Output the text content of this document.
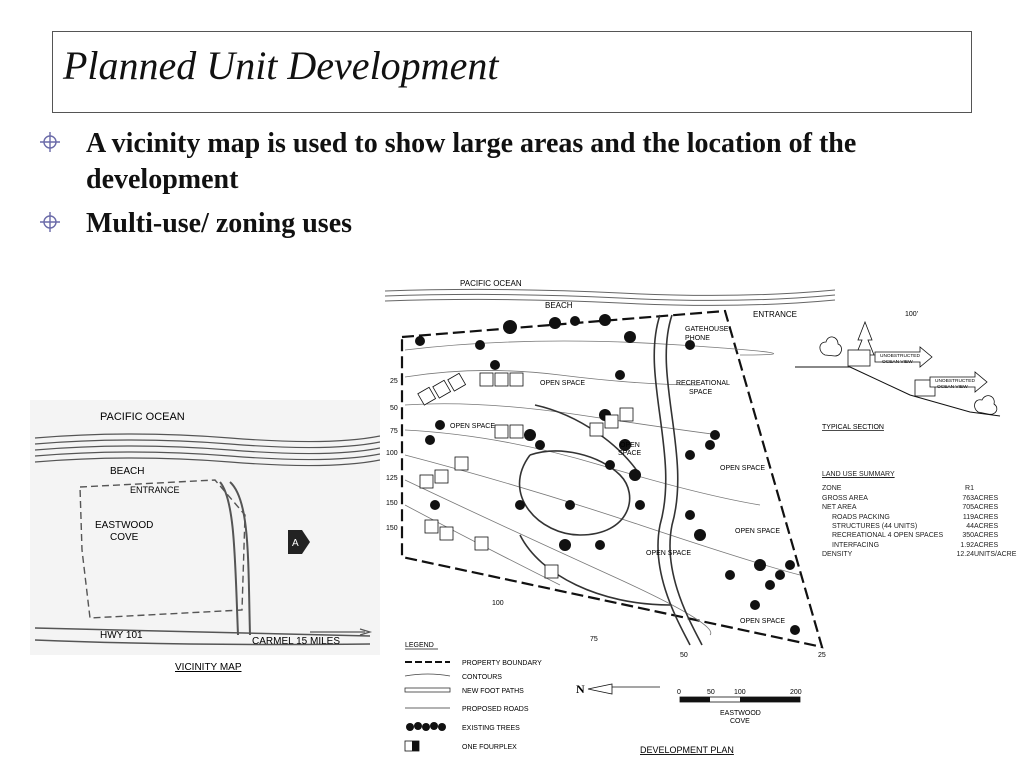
Planned Unit Development
A vicinity map is used to show large areas and the location of the development
Multi-use/ zoning uses
A
PACIFIC OCEAN
BEACH
ENTRANCE
EASTWOOD
COVE
HWY 101
CARMEL 15 MILES
VICINITY MAP
PACIFIC OCEAN
BEACH
ENTRANCE
GATEHOUSE
PHONE
RECREATIONAL
SPACE
OPEN SPACE
OPEN SPACE
OPEN
SPACE
OPEN SPACE
OPEN SPACE
OPEN SPACE
OPEN SPACE
25
50
75
100
125
150
150
100
75
50	25
LEGEND
PROPERTY BOUNDARY
CONTOURS
NEW FOOT PATHS
PROPOSED ROADS
EXISTING TREES
ONE FOURPLEX
N	0	50	100	200
EASTWOOD
COVE
DEVELOPMENT PLAN
100'
UNOBSTRUCTED
OCEAN VIEW
UNOBSTRUCTED
OCEAN VIEW
TYPICAL SECTION
LAND USE SUMMARY
ZONE	R1
GROSS AREA	763 ACRES
NET AREA	705 ACRES
ROADS PACKING	119 ACRES
STRUCTURES (44 UNITS)	44 ACRES
RECREATIONAL 4 OPEN SPACES	350 ACRES
INTERFACING	1.92 ACRES
DENSITY	12.24 UNITS/ACRE
